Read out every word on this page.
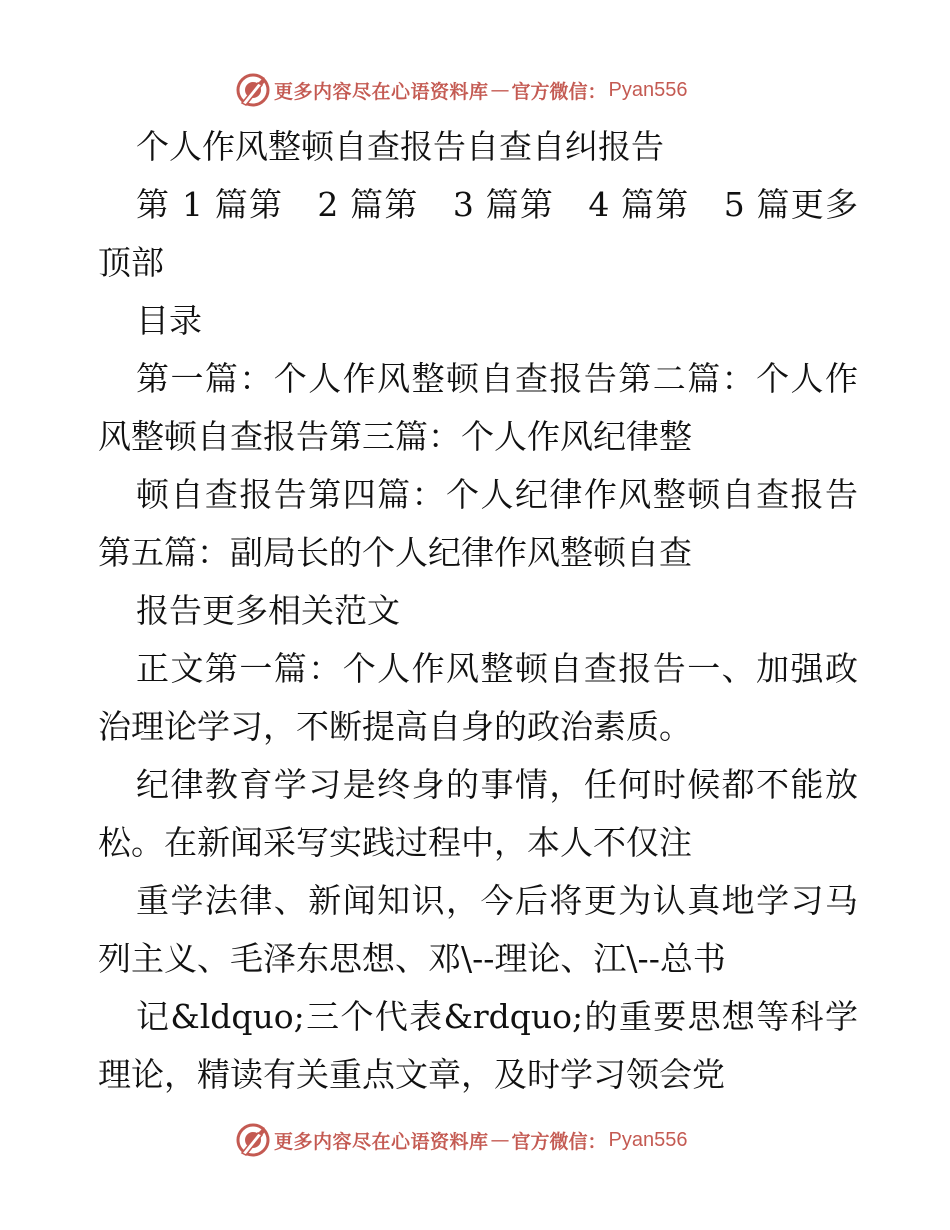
更多内容尽在心语资料库 — 官方微信： Pyan556

个人作风整顿自查报告自查自纠报告

第 1 篇第　2 篇第　3 篇第　4 篇第　5 篇更多顶部

目录

第一篇：个人作风整顿自查报告第二篇：个人作风整顿自查报告第三篇：个人作风纪律整

顿自查报告第四篇：个人纪律作风整顿自查报告第五篇：副局长的个人纪律作风整顿自查

报告更多相关范文

正文第一篇：个人作风整顿自查报告一、加强政治理论学习，不断提高自身的政治素质。

纪律教育学习是终身的事情，任何时候都不能放松。在新闻采写实践过程中，本人不仅注

重学法律、新闻知识，今后将更为认真地学习马列主义、毛泽东思想、邓\--理论、江\--总书

记&ldquo;三个代表&rdquo;的重要思想等科学理论，精读有关重点文章，及时学习领会党

更多内容尽在心语资料库 — 官方微信： Pyan556
